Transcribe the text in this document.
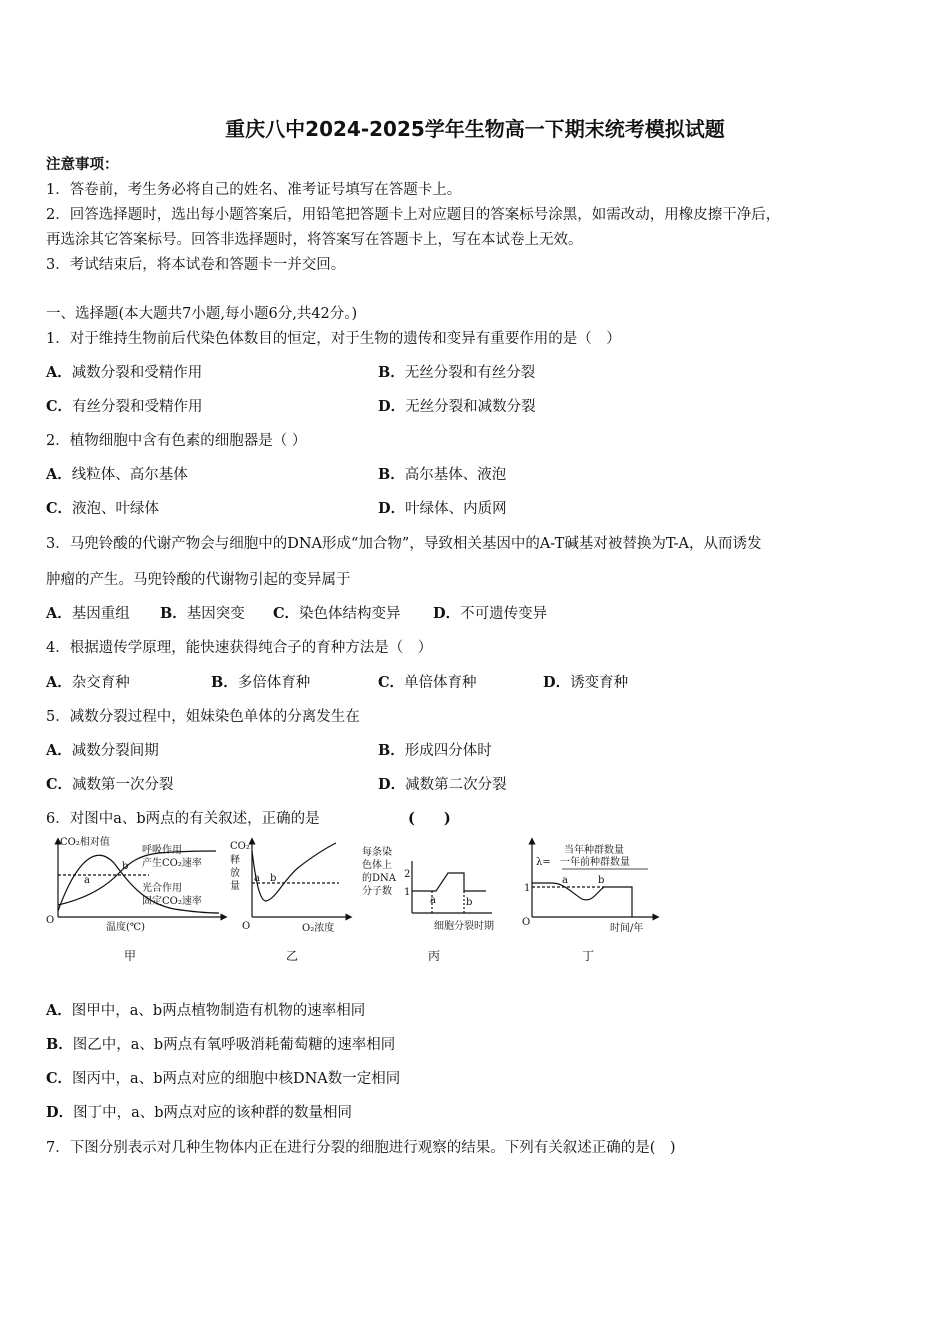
重庆八中2024-2025学年生物高一下期末统考模拟试题
注意事项：
1．答卷前，考生务必将自己的姓名、准考证号填写在答题卡上。
2．回答选择题时，选出每小题答案后，用铅笔把答题卡上对应题目的答案标号涂黑，如需改动，用橡皮擦干净后，
再选涂其它答案标号。回答非选择题时，将答案写在答题卡上，写在本试卷上无效。
3．考试结束后，将本试卷和答题卡一并交回。
一、选择题(本大题共7小题,每小题6分,共42分。)
1．对于维持生物前后代染色体数目的恒定，对于生物的遗传和变异有重要作用的是（　）
A．减数分裂和受精作用	B．无丝分裂和有丝分裂
C．有丝分裂和受精作用	D．无丝分裂和减数分裂
2．植物细胞中含有色素的细胞器是（ ）
A．线粒体、高尔基体	B．高尔基体、液泡
C．液泡、叶绿体	D．叶绿体、内质网
3．马兜铃酸的代谢产物会与细胞中的DNA形成“加合物”，导致相关基因中的A-T碱基对被替换为T-A，从而诱发
肿瘤的产生。马兜铃酸的代谢物引起的变异属于
A．基因重组 B．基因突变 C．染色体结构变异 D．不可遗传变异
4．根据遗传学原理，能快速获得纯合子的育种方法是（　）
A．杂交育种	B．多倍体育种	C．单倍体育种	D．诱变育种
5．减数分裂过程中，姐妹染色单体的分离发生在
A．减数分裂间期	B．形成四分体时
C．减数第一次分裂	D．减数第二次分裂
6．对图中a、b两点的有关叙述，正确的是	(　　)
CO₂相对值
呼吸作用
产生CO₂速率
光合作用
固定CO₂速率
温度(℃)
O
a
b
甲
CO₂
释
放
量
O	O₂浓度
a b
乙
每条染
色体上
的DNA
分子数
2
1
a	b
细胞分裂时期
丙
λ=
当年种群数量
一年前种群数量
1
O
a	b
时间/年
丁
A．图甲中，a、b两点植物制造有机物的速率相同
B．图乙中，a、b两点有氧呼吸消耗葡萄糖的速率相同
C．图丙中，a、b两点对应的细胞中核DNA数一定相同
D．图丁中，a、b两点对应的该种群的数量相同
7．下图分别表示对几种生物体内正在进行分裂的细胞进行观察的结果。下列有关叙述正确的是(　)
